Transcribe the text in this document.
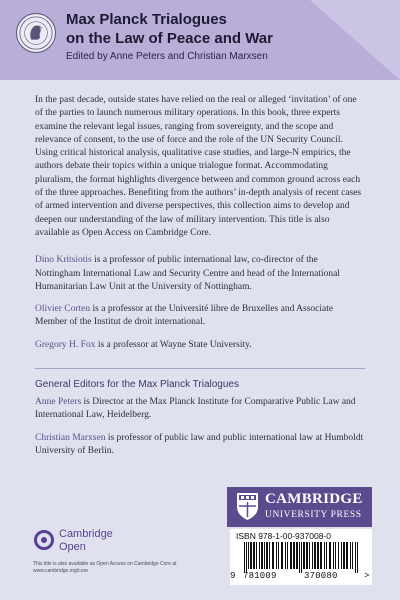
Max Planck Trialogues
on the Law of Peace and War
Edited by Anne Peters and Christian Marxsen

In the past decade, outside states have relied on the real or alleged ‘invitation’ of one of the parties to launch numerous military operations. In this book, three experts examine the relevant legal issues, ranging from sovereignty, and the scope and relevance of consent, to the use of force and the role of the UN Security Council. Using critical historical analysis, qualitative case studies, and large-N empirics, the authors debate their topics within a unique trialogue format. Accommodating pluralism, the format highlights divergence between and common ground across each of the three approaches. Benefiting from the authors’ in-depth analysis of recent cases of armed intervention and diverse perspectives, this collection aims to develop and deepen our understanding of the law of military intervention. This title is also available as Open Access on Cambridge Core.

Dino Kritsiotis is a professor of public international law, co-director of the Nottingham International Law and Security Centre and head of the International Humanitarian Law Unit at the University of Nottingham.

Olivier Corten is a professor at the Université libre de Bruxelles and Associate Member of the Institut de droit international.

Gregory H. Fox is a professor at Wayne State University.

General Editors for the Max Planck Trialogues

Anne Peters is Director at the Max Planck Institute for Comparative Public Law and International Law, Heidelberg.

Christian Marxsen is professor of public law and public international law at Humboldt University of Berlin.

Cambridge
Open

This title is also available as Open Access on Cambridge Core at www.cambridge.org/core

CAMBRIDGE
UNIVERSITY PRESS
ISBN 978-1-00-937008-0
9 781009	370080	>
